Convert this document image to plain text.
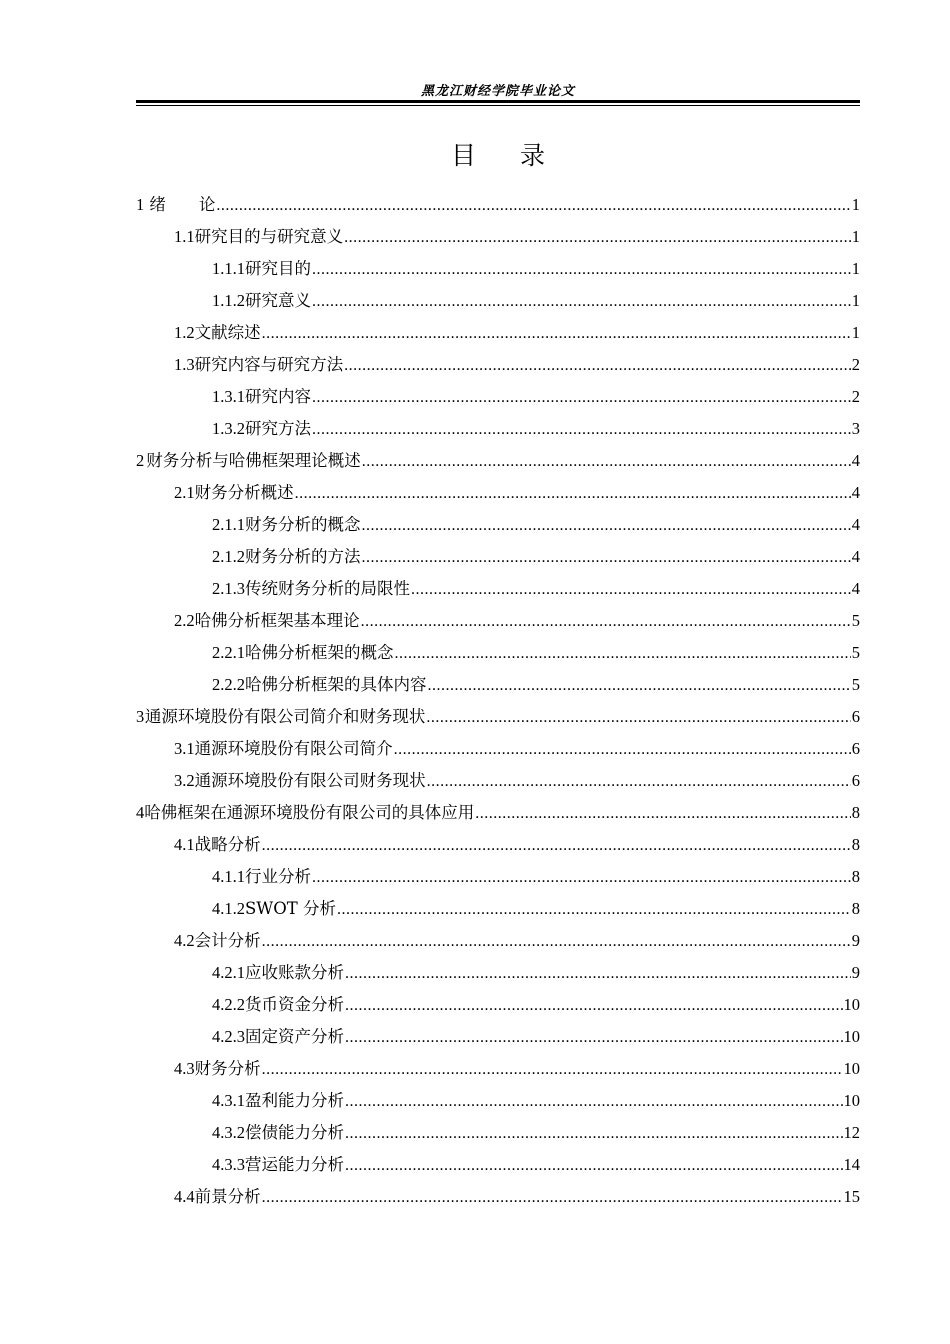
黑龙江财经学院毕业论文
目 录
1 绪　　论 .....	1
1.1 研究目的与研究意义 .....	1
1.1.1 研究目的 .....	1
1.1.2 研究意义 .....	1
1.2 文献综述 .....	1
1.3 研究内容与研究方法 .....	2
1.3.1 研究内容 .....	2
1.3.2 研究方法 .....	3
2 财务分析与哈佛框架理论概述 .....	4
2.1 财务分析概述 .....	4
2.1.1 财务分析的概念 .....	4
2.1.2 财务分析的方法 .....	4
2.1.3 传统财务分析的局限性 .....	4
2.2 哈佛分析框架基本理论 .....	5
2.2.1 哈佛分析框架的概念 .....	5
2.2.2 哈佛分析框架的具体内容 .....	5
3 通源环境股份有限公司简介和财务现状 .....	6
3.1 通源环境股份有限公司简介 .....	6
3.2 通源环境股份有限公司财务现状 .....	6
4 哈佛框架在通源环境股份有限公司的具体应用 .....	8
4.1 战略分析 .....	8
4.1.1 行业分析 .....	8
4.1.2 SWOT 分析 .....	8
4.2 会计分析 .....	9
4.2.1 应收账款分析 .....	9
4.2.2 货币资金分析 .....	10
4.2.3 固定资产分析 .....	10
4.3 财务分析 .....	10
4.3.1 盈利能力分析 .....	10
4.3.2 偿债能力分析 .....	12
4.3.3 营运能力分析 .....	14
4.4 前景分析 .....	15
